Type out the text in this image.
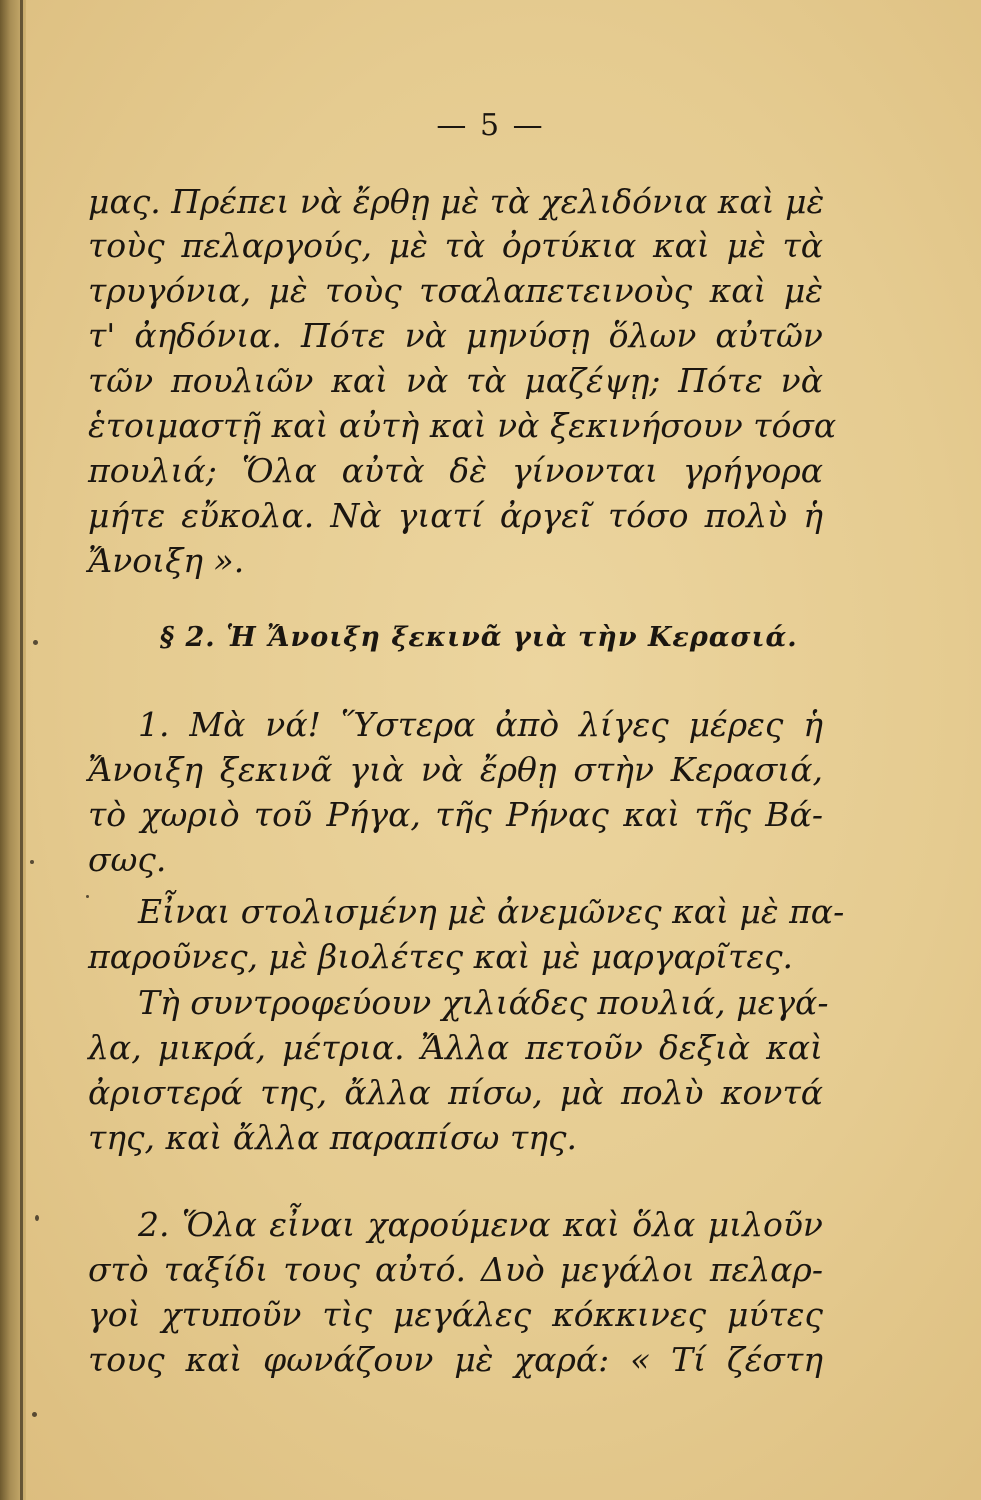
— 5 —
μας. Πρέπει νὰ ἔρθῃ μὲ τὰ χελιδόνια καὶ μὲ
τοὺς πελαργούς, μὲ τὰ ὀρτύκια καὶ μὲ τὰ
τρυγόνια, μὲ τοὺς τσαλαπετεινοὺς καὶ μὲ
τ' ἀηδόνια. Πότε νὰ μηνύσῃ ὅλων αὐτῶν
τῶν πουλιῶν καὶ νὰ τὰ μαζέψῃ; Πότε νὰ
ἑτοιμαστῇ καὶ αὐτὴ καὶ νὰ ξεκινήσουν τόσα
πουλιά; Ὅλα αὐτὰ δὲ γίνονται γρήγορα
μήτε εὔκολα. Νὰ γιατί ἀργεῖ τόσο πολὺ ἡ
Ἄνοιξη ».
§ 2. Ἡ Ἄνοιξη ξεκινᾶ γιὰ τὴν Κερασιά.
1. Μὰ νά! Ὕστερα ἀπὸ λίγες μέρες ἡ
Ἄνοιξη ξεκινᾶ γιὰ νὰ ἔρθῃ στὴν Κερασιά,
τὸ χωριὸ τοῦ Ρήγα, τῆς Ρήνας καὶ τῆς Βά-
σως.
Εἶναι στολισμένη μὲ ἀνεμῶνες καὶ μὲ πα-
παροῦνες, μὲ βιολέτες καὶ μὲ μαργαρῖτες.
Τὴ συντροφεύουν χιλιάδες πουλιά, μεγά-
λα, μικρά, μέτρια. Ἄλλα πετοῦν δεξιὰ καὶ
ἀριστερά της, ἄλλα πίσω, μὰ πολὺ κοντά
της, καὶ ἄλλα παραπίσω της.
2. Ὅλα εἶναι χαρούμενα καὶ ὅλα μιλοῦν
στὸ ταξίδι τους αὐτό. Δυὸ μεγάλοι πελαρ-
γοὶ χτυποῦν τὶς μεγάλες κόκκινες μύτες
τους καὶ φωνάζουν μὲ χαρά: « Τί ζέστη
